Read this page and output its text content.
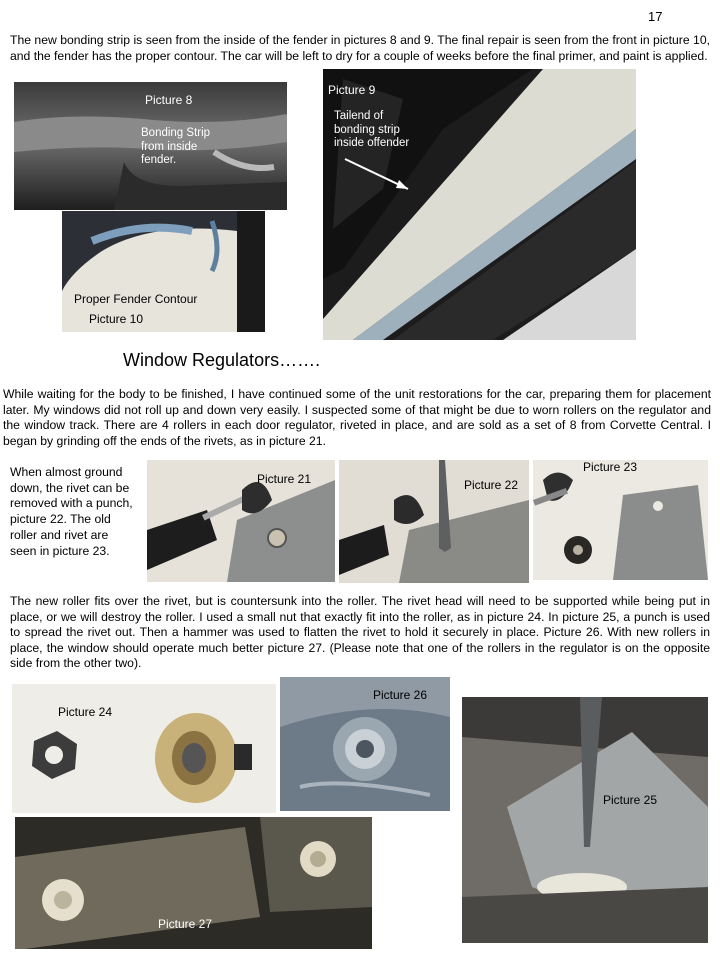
17

The new bonding strip is seen from the inside of the fender in pictures 8 and 9. The final repair is seen from the front in picture 10, and the fender has the proper contour. The car will be left to dry for a couple of weeks before the final primer, and paint is applied.

Picture 8
Bonding Strip from inside fender.
Picture 9
Tailend of bonding strip inside offender
Proper Fender Contour
Picture 10
Window Regulators…….

While waiting for the body to be finished, I have continued some of the unit restorations for the car, preparing them for placement later. My windows did not roll up and down very easily. I suspected some of that might be due to worn rollers on the regulator and the window track. There are 4 rollers in each door regulator, riveted in place, and are sold as a set of 8 from Corvette Central. I began by grinding off the ends of the rivets, as in picture 21.

When almost ground down, the rivet can be removed with a punch, picture 22. The old roller and rivet are seen in picture 23.

Picture 21	Picture 22
Picture 23

The new roller fits over the rivet, but is countersunk into the roller. The rivet head will need to be supported while being put in place, or we will destroy the roller. I used a small nut that exactly fit into the roller, as in picture 24. In picture 25, a punch is used to spread the rivet out. Then a hammer was used to flatten the rivet to hold it securely in place. Picture 26. With new rollers in place, the window should operate much better picture 27. (Please note that one of the rollers in the regulator is on the opposite side from the other two).

Picture 24
Picture 26
Picture 25
Picture 27
